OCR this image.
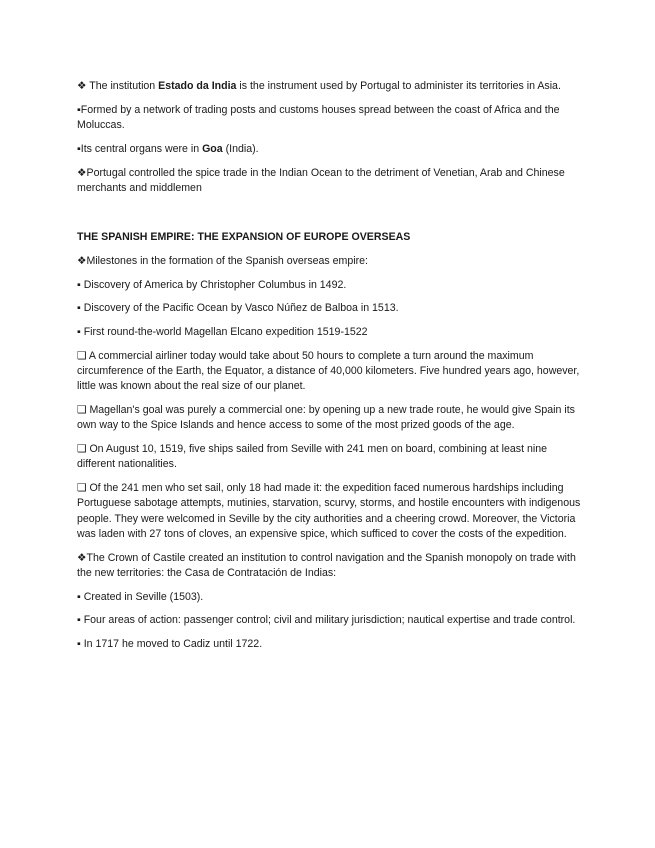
❖ The institution Estado da India is the instrument used by Portugal to administer its territories in Asia.

▪Formed by a network of trading posts and customs houses spread between the coast of Africa and the Moluccas.

▪Its central organs were in Goa (India).

❖Portugal controlled the spice trade in the Indian Ocean to the detriment of Venetian, Arab and Chinese merchants and middlemen

THE SPANISH EMPIRE: THE EXPANSION OF EUROPE OVERSEAS

❖Milestones in the formation of the Spanish overseas empire:

▪ Discovery of America by Christopher Columbus in 1492.

▪ Discovery of the Pacific Ocean by Vasco Núñez de Balboa in 1513.

▪ First round-the-world Magellan Elcano expedition 1519-1522

❑ A commercial airliner today would take about 50 hours to complete a turn around the maximum circumference of the Earth, the Equator, a distance of 40,000 kilometers. Five hundred years ago, however, little was known about the real size of our planet.

❑ Magellan's goal was purely a commercial one: by opening up a new trade route, he would give Spain its own way to the Spice Islands and hence access to some of the most prized goods of the age.

❑ On August 10, 1519, five ships sailed from Seville with 241 men on board, combining at least nine different nationalities.

❑ Of the 241 men who set sail, only 18 had made it: the expedition faced numerous hardships including Portuguese sabotage attempts, mutinies, starvation, scurvy, storms, and hostile encounters with indigenous people. They were welcomed in Seville by the city authorities and a cheering crowd. Moreover, the Victoria was laden with 27 tons of cloves, an expensive spice, which sufficed to cover the costs of the expedition.

❖The Crown of Castile created an institution to control navigation and the Spanish monopoly on trade with the new territories: the Casa de Contratación de Indias:

▪ Created in Seville (1503).

▪ Four areas of action: passenger control; civil and military jurisdiction; nautical expertise and trade control.

▪ In 1717 he moved to Cadiz until 1722.
